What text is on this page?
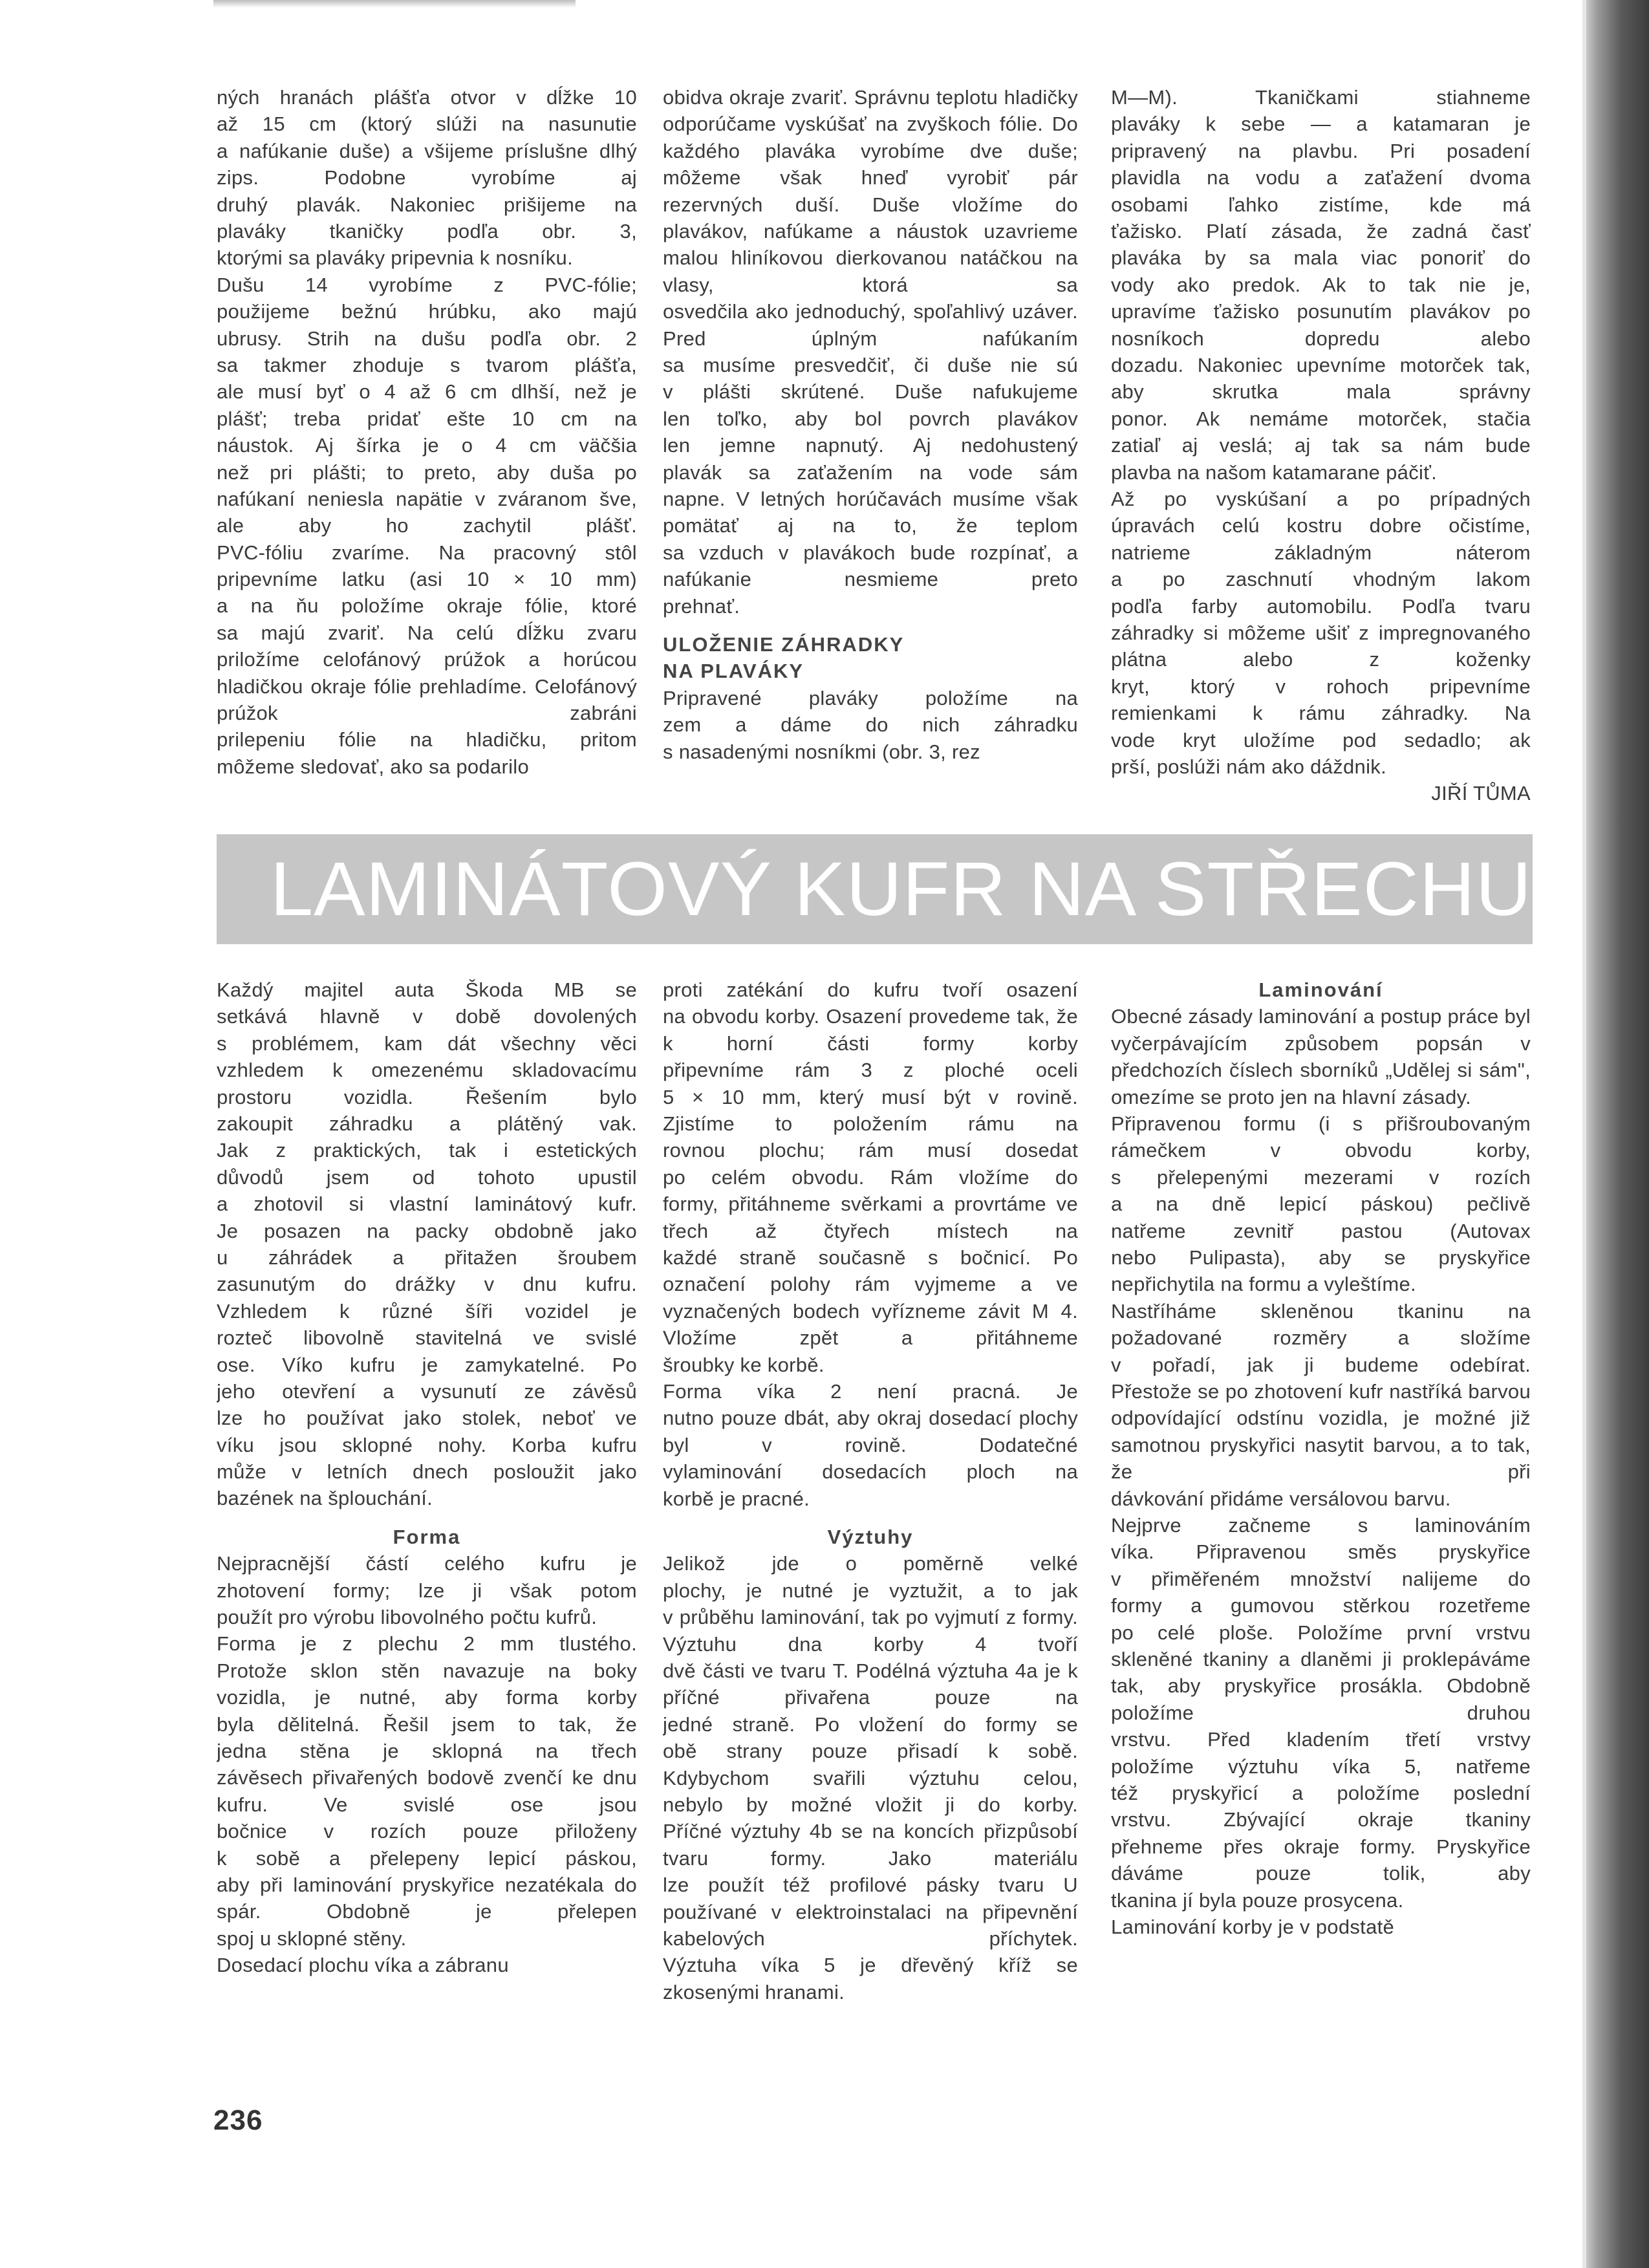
ných hranách plášťa otvor v dĺžke 10
až 15 cm (ktorý slúži na nasunutie
a nafúkanie duše) a všijeme príslušne dlhý zips. Podobne vyrobíme aj
druhý plavák. Nakoniec prišijeme na
plaváky tkaničky podľa obr. 3,
ktorými sa plaváky pripevnia k nosníku.
Dušu 14 vyrobíme z PVC-fólie;
použijeme bežnú hrúbku, ako majú
ubrusy. Strih na dušu podľa obr. 2
sa takmer zhoduje s tvarom plášťa,
ale musí byť o 4 až 6 cm dlhší, než je
plášť; treba pridať ešte 10 cm na
náustok. Aj šírka je o 4 cm väčšia
než pri plášti; to preto, aby duša po
nafúkaní neniesla napätie v zváranom šve, ale aby ho zachytil plášť.
PVC-fóliu zvaríme. Na pracovný stôl
pripevníme latku (asi 10 × 10 mm)
a na ňu položíme okraje fólie, ktoré
sa majú zvariť. Na celú dĺžku zvaru
priložíme celofánový prúžok a horúcou hladičkou okraje fólie prehladíme. Celofánový prúžok zabráni
prilepeniu fólie na hladičku, pritom
môžeme sledovať, ako sa podarilo
obidva okraje zvariť. Správnu teplotu hladičky odporúčame vyskúšať na zvyškoch fólie. Do každého plaváka vyrobíme dve duše;
môžeme však hneď vyrobiť pár
rezervných duší. Duše vložíme do
plavákov, nafúkame a náustok uzavrieme malou hliníkovou dierkovanou natáčkou na vlasy, ktorá sa
osvedčila ako jednoduchý, spoľahlivý uzáver. Pred úplným nafúkaním
sa musíme presvedčiť, či duše nie sú
v plášti skrútené. Duše nafukujeme
len toľko, aby bol povrch plavákov
len jemne napnutý. Aj nedohustený
plavák sa zaťažením na vode sám
napne. V letných horúčavách musíme však pomätať aj na to, že teplom
sa vzduch v plavákoch bude rozpínať, a nafúkanie nesmieme preto
prehnať.
ULOŽENIE ZÁHRADKY
NA PLAVÁKY
Pripravené plaváky položíme na
zem a dáme do nich záhradku
s nasadenými nosníkmi (obr. 3, rez
M—M). Tkaničkami stiahneme
plaváky k sebe — a katamaran je
pripravený na plavbu. Pri posadení
plavidla na vodu a zaťažení dvoma
osobami ľahko zistíme, kde má
ťažisko. Platí zásada, že zadná časť
plaváka by sa mala viac ponoriť do
vody ako predok. Ak to tak nie je,
upravíme ťažisko posunutím plavákov po nosníkoch dopredu alebo
dozadu. Nakoniec upevníme motorček tak, aby skrutka mala správny
ponor. Ak nemáme motorček, stačia
zatiaľ aj veslá; aj tak sa nám bude
plavba na našom katamarane páčiť.
Až po vyskúšaní a po prípadných
úpravách celú kostru dobre očistíme, natrieme základným náterom
a po zaschnutí vhodným lakom
podľa farby automobilu. Podľa tvaru
záhradky si môžeme ušiť z impregnovaného plátna alebo z koženky
kryt, ktorý v rohoch pripevníme
remienkami k rámu záhradky. Na
vode kryt uložíme pod sedadlo; ak
prší, poslúži nám ako dáždnik.
JIŘÍ TŮMA
LAMINÁTOVÝ KUFR NA STŘECHU
Každý majitel auta Škoda MB se
setkává hlavně v době dovolených
s problémem, kam dát všechny věci
vzhledem k omezenému skladovacímu prostoru vozidla. Řešením bylo
zakoupit záhradku a plátěný vak.
Jak z praktických, tak i estetických
důvodů jsem od tohoto upustil
a zhotovil si vlastní laminátový kufr.
Je posazen na packy obdobně jako
u záhrádek a přitažen šroubem
zasunutým do drážky v dnu kufru.
Vzhledem k různé šíři vozidel je
rozteč libovolně stavitelná ve svislé
ose. Víko kufru je zamykatelné. Po
jeho otevření a vysunutí ze závěsů
lze ho používat jako stolek, neboť ve
víku jsou sklopné nohy. Korba kufru
může v letních dnech posloužit jako
bazének na šplouchání.
Forma
Nejpracnější částí celého kufru je
zhotovení formy; lze ji však potom
použít pro výrobu libovolného počtu kufrů.
Forma je z plechu 2 mm tlustého.
Protože sklon stěn navazuje na boky
vozidla, je nutné, aby forma korby
byla dělitelná. Řešil jsem to tak, že
jedna stěna je sklopná na třech
závěsech přivařených bodově zvenčí ke dnu kufru. Ve svislé ose jsou
bočnice v rozích pouze přiloženy
k sobě a přelepeny lepicí páskou,
aby při laminování pryskyřice nezatékala do spár. Obdobně je přelepen
spoj u sklopné stěny.
Dosedací plochu víka a zábranu
proti zatékání do kufru tvoří osazení
na obvodu korby. Osazení provedeme tak, že k horní části formy korby
připevníme rám 3 z ploché oceli
5 × 10 mm, který musí být v rovině.
Zjistíme to položením rámu na
rovnou plochu; rám musí dosedat
po celém obvodu. Rám vložíme do
formy, přitáhneme svěrkami a provrtáme ve třech až čtyřech místech na
každé straně současně s bočnicí. Po
označení polohy rám vyjmeme a ve
vyznačených bodech vyřízneme závit M 4. Vložíme zpět a přitáhneme
šroubky ke korbě.
Forma víka 2 není pracná. Je
nutno pouze dbát, aby okraj dosedací plochy byl v rovině. Dodatečné
vylaminování dosedacích ploch na
korbě je pracné.
Výztuhy
Jelikož jde o poměrně velké
plochy, je nutné je vyztužit, a to jak
v průběhu laminování, tak po vyjmutí z formy. Výztuhu dna korby 4 tvoří
dvě části ve tvaru T. Podélná výztuha 4a je k příčné přivařena pouze na
jedné straně. Po vložení do formy se
obě strany pouze přisadí k sobě.
Kdybychom svařili výztuhu celou,
nebylo by možné vložit ji do korby.
Příčné výztuhy 4b se na koncích přizpůsobí tvaru formy. Jako materiálu
lze použít též profilové pásky tvaru U
používané v elektroinstalaci na připevnění kabelových příchytek.
Výztuha víka 5 je dřevěný kříž se
zkosenými hranami.
Laminování
Obecné zásady laminování a postup práce byl vyčerpávajícím způsobem popsán v předchozích číslech sborníků „Udělej si sám",
omezíme se proto jen na hlavní zásady.
Připravenou formu (i s přišroubovaným rámečkem v obvodu korby,
s přelepenými mezerami v rozích
a na dně lepicí páskou) pečlivě
natřeme zevnitř pastou (Autovax
nebo Pulipasta), aby se pryskyřice
nepřichytila na formu a vyleštíme.
Nastříháme skleněnou tkaninu na
požadované rozměry a složíme
v pořadí, jak ji budeme odebírat.
Přestože se po zhotovení kufr nastříká barvou odpovídající odstínu vozidla, je možné již samotnou pryskyřici nasytit barvou, a to tak, že při
dávkování přidáme versálovou barvu.
Nejprve začneme s laminováním
víka. Připravenou směs pryskyřice
v přiměřeném množství nalijeme do
formy a gumovou stěrkou rozetřeme
po celé ploše. Položíme první vrstvu
skleněné tkaniny a dlaněmi ji proklepáváme tak, aby pryskyřice prosákla. Obdobně položíme druhou
vrstvu. Před kladením třetí vrstvy
položíme výztuhu víka 5, natřeme
též pryskyřicí a položíme poslední
vrstvu. Zbývající okraje tkaniny
přehneme přes okraje formy. Pryskyřice dáváme pouze tolik, aby
tkanina jí byla pouze prosycena.
Laminování korby je v podstatě
236
